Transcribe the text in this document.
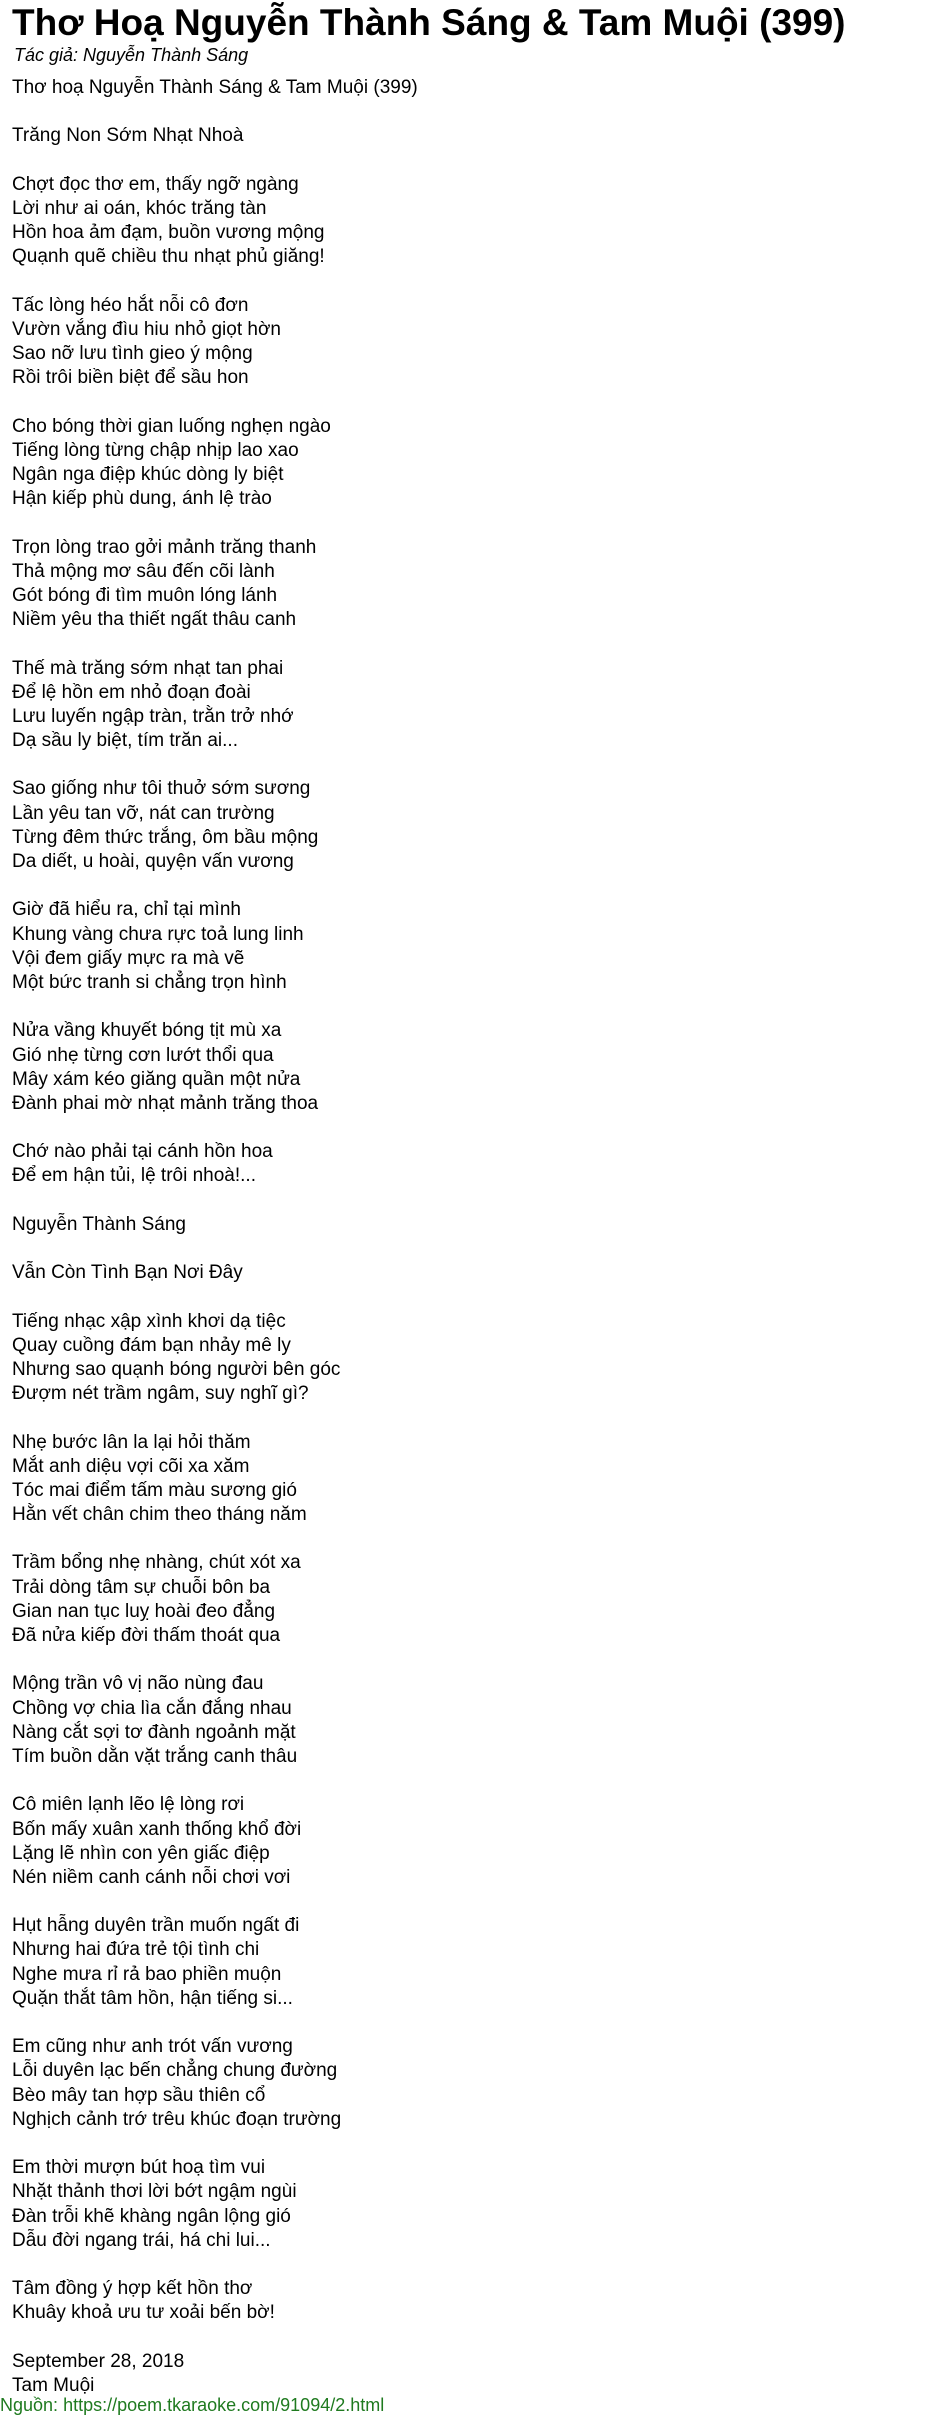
Thơ Hoạ Nguyễn Thành Sáng & Tam Muội (399)
Tác giả: Nguyễn Thành Sáng
Thơ hoạ Nguyễn Thành Sáng & Tam Muội (399)
Trăng Non Sớm Nhạt Nhoà
Chợt đọc thơ em, thấy ngỡ ngàng
Lời như ai oán, khóc trăng tàn
Hồn hoa ảm đạm, buồn vương mộng
Quạnh quẽ chiều thu nhạt phủ giăng!
Tấc lòng héo hắt nỗi cô đơn
Vườn vắng đìu hiu nhỏ giọt hờn
Sao nỡ lưu tình gieo ý mộng
Rồi trôi biền biệt để sầu hon
Cho bóng thời gian luống nghẹn ngào
Tiếng lòng từng chập nhịp lao xao
Ngân nga điệp khúc dòng ly biệt
Hận kiếp phù dung, ánh lệ trào
Trọn lòng trao gởi mảnh trăng thanh
Thả mộng mơ sâu đến cõi lành
Gót bóng đi tìm muôn lóng lánh
Niềm yêu tha thiết ngất thâu canh
Thế mà trăng sớm nhạt tan phai
Để lệ hồn em nhỏ đoạn đoài
Lưu luyến ngập tràn, trằn trở nhớ
Dạ sầu ly biệt, tím trăn ai...
Sao giống như tôi thuở sớm sương
Lần yêu tan vỡ, nát can trường
Từng đêm thức trắng, ôm bầu mộng
Da diết, u hoài, quyện vấn vương
Giờ đã hiểu ra, chỉ tại mình
Khung vàng chưa rực toả lung linh
Vội đem giấy mực ra mà vẽ
Một bức tranh si chẳng trọn hình
Nửa vầng khuyết bóng tịt mù xa
Gió nhẹ từng cơn lướt thổi qua
Mây xám kéo giăng quần một nửa
Đành phai mờ nhạt mảnh trăng thoa
Chớ nào phải tại cánh hồn hoa
Để em hận tủi, lệ trôi nhoà!...
Nguyễn Thành Sáng
Vẫn Còn Tình Bạn Nơi Đây
Tiếng nhạc xập xình khơi dạ tiệc
Quay cuồng đám bạn nhảy mê ly
Nhưng sao quạnh bóng người bên góc
Đượm nét trầm ngâm, suy nghĩ gì?
Nhẹ bước lân la lại hỏi thăm
Mắt anh diệu vợi cõi xa xăm
Tóc mai điểm tấm màu sương gió
Hằn vết chân chim theo tháng năm
Trầm bổng nhẹ nhàng, chút xót xa
Trải dòng tâm sự chuỗi bôn ba
Gian nan tục luỵ hoài đeo đẳng
Đã nửa kiếp đời thấm thoát qua
Mộng trần vô vị não nùng đau
Chồng vợ chia lìa cắn đắng nhau
Nàng cắt sợi tơ đành ngoảnh mặt
Tím buồn dằn vặt trắng canh thâu
Cô miên lạnh lẽo lệ lòng rơi
Bốn mấy xuân xanh thống khổ đời
Lặng lẽ nhìn con yên giấc điệp
Nén niềm canh cánh nỗi chơi vơi
Hụt hẫng duyên trần muốn ngất đi
Nhưng hai đứa trẻ tội tình chi
Nghe mưa rỉ rả bao phiền muộn
Quặn thắt tâm hồn, hận tiếng si...
Em cũng như anh trót vấn vương
Lỗi duyên lạc bến chẳng chung đường
Bèo mây tan hợp sầu thiên cổ
Nghịch cảnh trớ trêu khúc đoạn trường
Em thời mượn bút hoạ tìm vui
Nhặt thảnh thơi lời bớt ngậm ngùi
Đàn trỗi khẽ khàng ngân lộng gió
Dẫu đời ngang trái, há chi lui...
Tâm đồng ý hợp kết hồn thơ
Khuây khoả ưu tư xoải bến bờ!
September 28, 2018
Tam Muội
Nguồn: https://poem.tkaraoke.com/91094/2.html
